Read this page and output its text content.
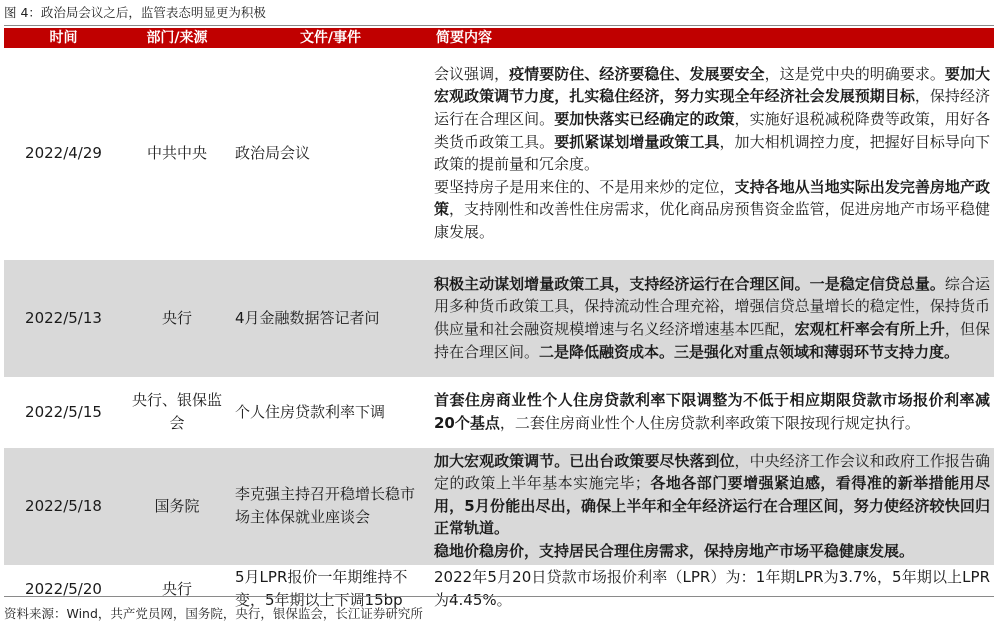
图 4：政治局会议之后，监管表态明显更为积极
时间	部门/来源	文件/事件	简要内容
2022/4/29	中共中央	政治局会议	会议强调，疫情要防住、经济要稳住、发展要安全，这是党中央的明确要求。要加大宏观政策调节力度，扎实稳住经济，努力实现全年经济社会发展预期目标，保持经济运行在合理区间。要加快落实已经确定的政策，实施好退税减税降费等政策，用好各类货币政策工具。要抓紧谋划增量政策工具，加大相机调控力度，把握好目标导向下政策的提前量和冗余度。
要坚持房子是用来住的、不是用来炒的定位，支持各地从当地实际出发完善房地产政策，支持刚性和改善性住房需求，优化商品房预售资金监管，促进房地产市场平稳健康发展。

2022/5/13	央行	4月金融数据答记者问	积极主动谋划增量政策工具，支持经济运行在合理区间。一是稳定信贷总量。综合运用多种货币政策工具，保持流动性合理充裕，增强信贷总量增长的稳定性，保持货币供应量和社会融资规模增速与名义经济增速基本匹配，宏观杠杆率会有所上升，但保持在合理区间。二是降低融资成本。三是强化对重点领域和薄弱环节支持力度。
2022/5/15	央行、银保监会	个人住房贷款利率下调	首套住房商业性个人住房贷款利率下限调整为不低于相应期限贷款市场报价利率减20个基点，二套住房商业性个人住房贷款利率政策下限按现行规定执行。
2022/5/18	国务院	李克强主持召开稳增长稳市场主体保就业座谈会	加大宏观政策调节。已出台政策要尽快落到位，中央经济工作会议和政府工作报告确定的政策上半年基本实施完毕；各地各部门要增强紧迫感，看得准的新举措能用尽用，5月份能出尽出，确保上半年和全年经济运行在合理区间，努力使经济较快回归正常轨道。
稳地价稳房价，支持居民合理住房需求，保持房地产市场平稳健康发展。

2022/5/20	央行	5月LPR报价一年期维持不变，5年期以上下调15bp	2022年5月20日贷款市场报价利率（LPR）为：1年期LPR为3.7%，5年期以上LPR为4.45%。
资料来源：Wind，共产党员网，国务院，央行，银保监会，长江证券研究所
